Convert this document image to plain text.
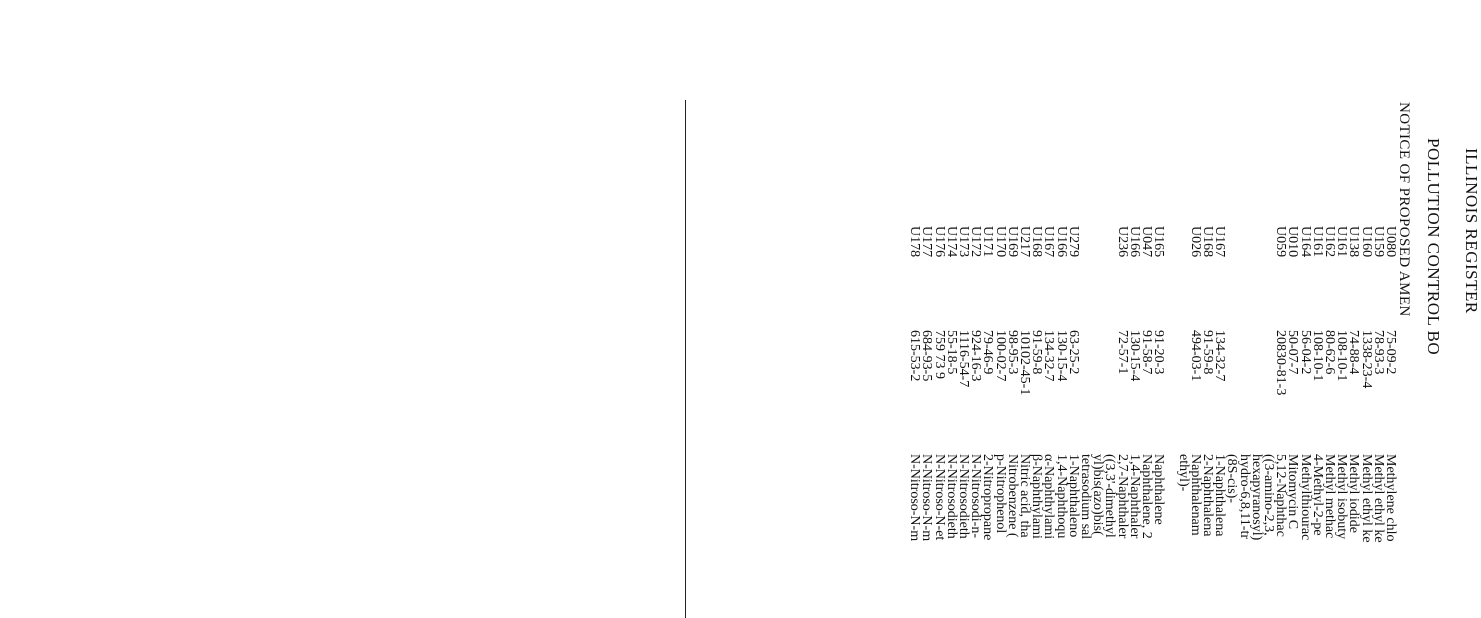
ILLINOIS REGISTER
POLLUTION CONTROL BO
NOTICE OF PROPOSED AMEN
U080
U159
U160
U138
U161
U162
U161
U164
U010
U059
U167
U168
U026
U165
U047
U166
U236
U279
U166
U167
U168
U217
U169
U170
U171
U172
U173
U174
U176
U177
U178
75-09-2
78-93-3
1338-23-4
74-88-4
108-10-1
80-62-6
108-10-1
56-04-2
50-07-7
20830-81-3
134-32-7
91-59-8
494-03-1
91-20-3
91-58-7
130-15-4
72-57-1
63-25-2
130-15-4
134-32-7
91-59-8
10102-45-1
98-95-3
100-02-7
79-46-9
924-16-3
1116-54-7
55-18-5
759 73 9
684-93-5
615-53-2
Methylene chlo
Methyl ethyl ke
Methyl ethyl ke
Methyl iodide
Methyl isobuty
Methyl methac
4-Methyl-2-pe
Methylthiourac
Mitomycin C
5,12-Naphthac
((3-amino-2,3,
hexapyranosyl)
hydro-6,8,11-tr
(8S-cis)-
1-Naphthalena
2-Naphthalena
Naphthalenam
ethyl)-
Naphthalene
Naphthalene, 2
1,4-Naphthaler
2,7-Naphthaler
((3,3'-dimethyl
yl)bis(azo)bis(
tetrasodium sal
1-Naphthaleno
1,4-Naphthoqu
α-Naphthylami
β-Naphthylami
Nitric acid, tha
Nitrobenzene (
p-Nitrophenol
2-Nitropropane
N-Nitrosodi-n-
N-Nitrosodieth
N-Nitrosodieth
N-Nitroso-N-et
N-Nitroso-N-m
N-Nitroso-N-m
